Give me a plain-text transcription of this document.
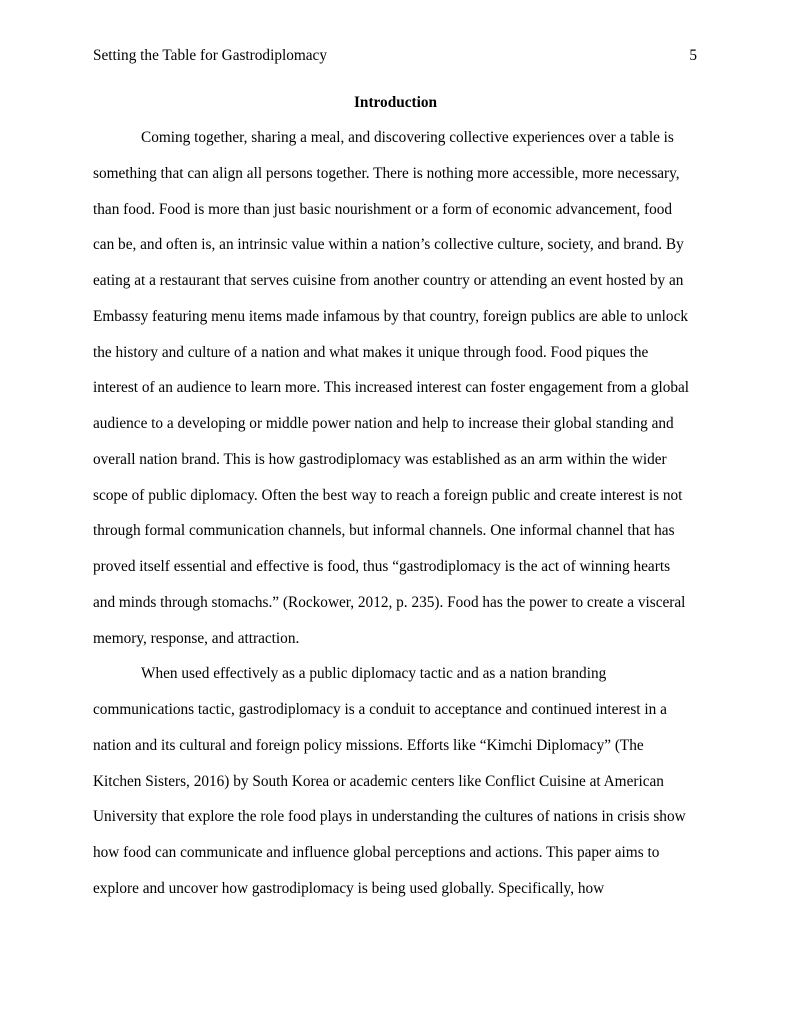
Setting the Table for Gastrodiplomacy	5
Introduction
Coming together, sharing a meal, and discovering collective experiences over a table is
something that can align all persons together. There is nothing more accessible, more necessary,
than food. Food is more than just basic nourishment or a form of economic advancement, food
can be, and often is, an intrinsic value within a nation’s collective culture, society, and brand. By
eating at a restaurant that serves cuisine from another country or attending an event hosted by an
Embassy featuring menu items made infamous by that country, foreign publics are able to unlock
the history and culture of a nation and what makes it unique through food. Food piques the
interest of an audience to learn more. This increased interest can foster engagement from a global
audience to a developing or middle power nation and help to increase their global standing and
overall nation brand. This is how gastrodiplomacy was established as an arm within the wider
scope of public diplomacy. Often the best way to reach a foreign public and create interest is not
through formal communication channels, but informal channels. One informal channel that has
proved itself essential and effective is food, thus “gastrodiplomacy is the act of winning hearts
and minds through stomachs.” (Rockower, 2012, p. 235). Food has the power to create a visceral
memory, response, and attraction.
When used effectively as a public diplomacy tactic and as a nation branding
communications tactic, gastrodiplomacy is a conduit to acceptance and continued interest in a
nation and its cultural and foreign policy missions. Efforts like “Kimchi Diplomacy” (The
Kitchen Sisters, 2016) by South Korea or academic centers like Conflict Cuisine at American
University that explore the role food plays in understanding the cultures of nations in crisis show
how food can communicate and influence global perceptions and actions. This paper aims to
explore and uncover how gastrodiplomacy is being used globally. Specifically, how
